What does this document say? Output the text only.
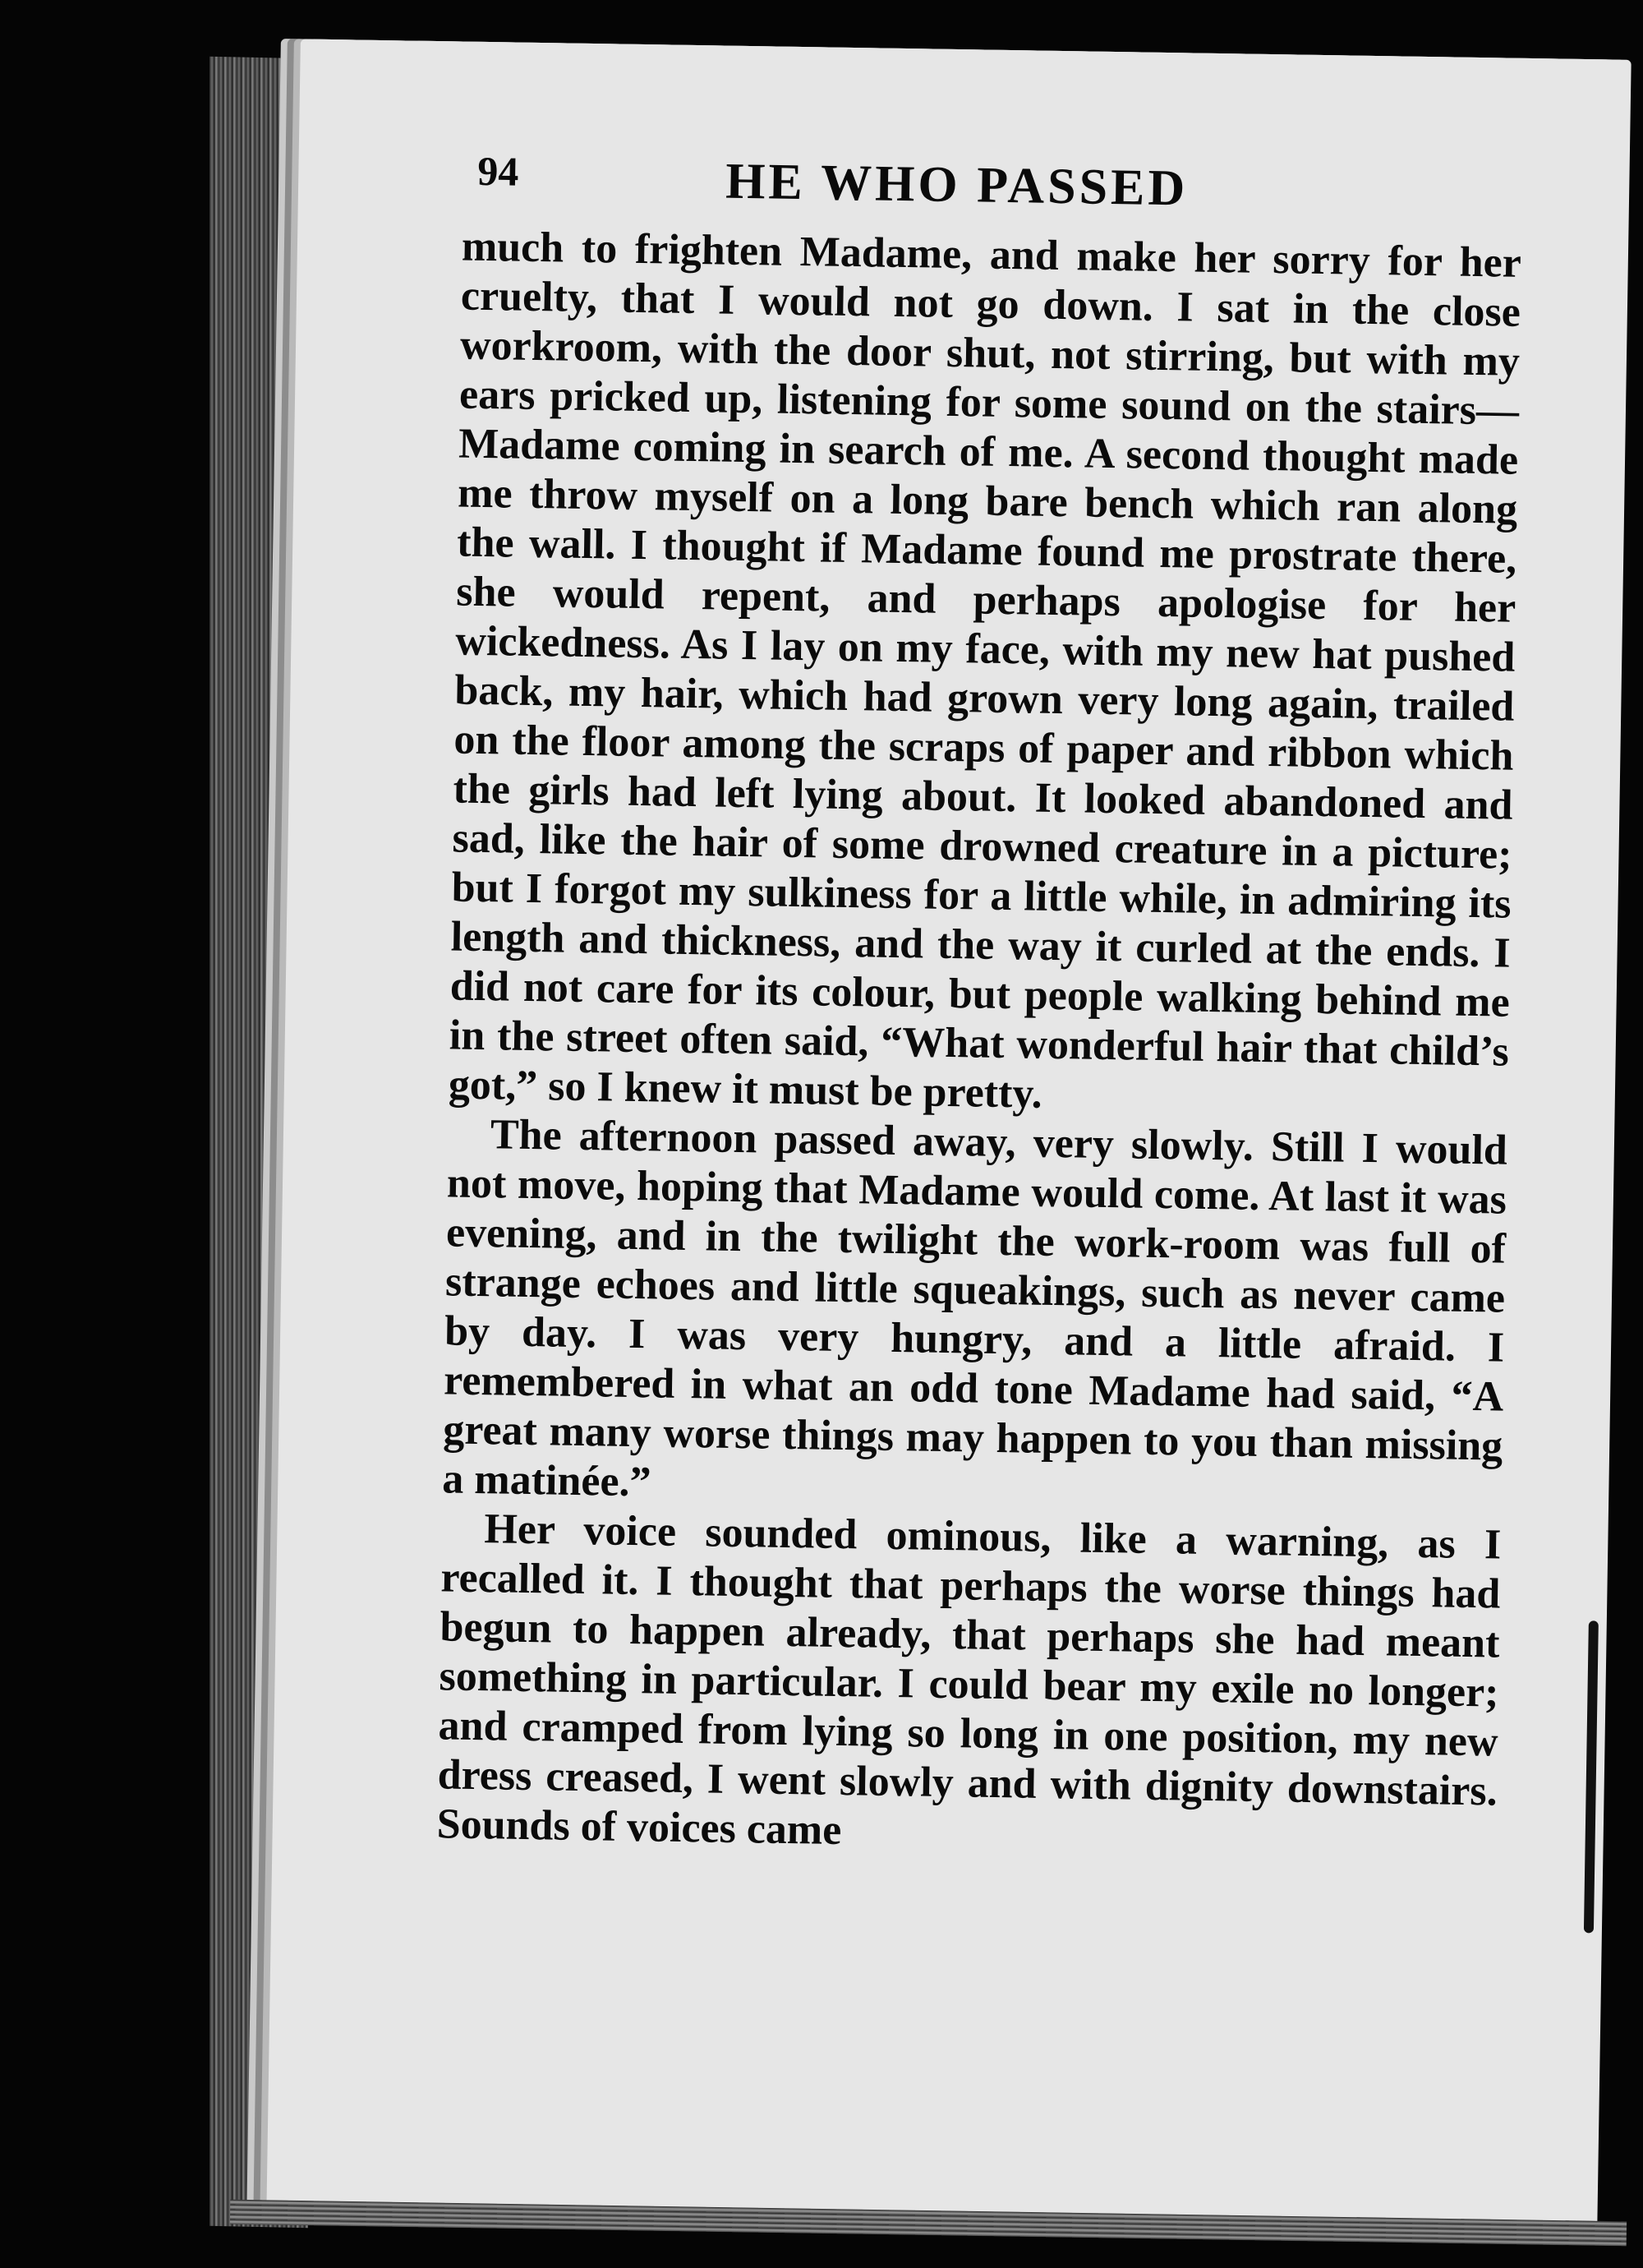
94	HE WHO PASSED

much to frighten Madame, and make her sorry for her cruelty, that I would not go down. I sat in the close workroom, with the door shut, not stirring, but with my ears pricked up, listening for some sound on the stairs—Madame coming in search of me. A second thought made me throw myself on a long bare bench which ran along the wall. I thought if Madame found me prostrate there, she would repent, and perhaps apologise for her wickedness. As I lay on my face, with my new hat pushed back, my hair, which had grown very long again, trailed on the floor among the scraps of paper and ribbon which the girls had left lying about. It looked abandoned and sad, like the hair of some drowned creature in a picture; but I forgot my sulkiness for a little while, in admiring its length and thickness, and the way it curled at the ends. I did not care for its colour, but people walking behind me in the street often said, “What wonderful hair that child’s got,” so I knew it must be pretty.

The afternoon passed away, very slowly. Still I would not move, hoping that Madame would come. At last it was evening, and in the twilight the work-room was full of strange echoes and little squeakings, such as never came by day. I was very hungry, and a little afraid. I remembered in what an odd tone Madame had said, “A great many worse things may happen to you than missing a matinée.”

Her voice sounded ominous, like a warning, as I recalled it. I thought that perhaps the worse things had begun to happen already, that perhaps she had meant something in particular. I could bear my exile no longer; and cramped from lying so long in one position, my new dress creased, I went slowly and with dignity downstairs. Sounds of voices came
